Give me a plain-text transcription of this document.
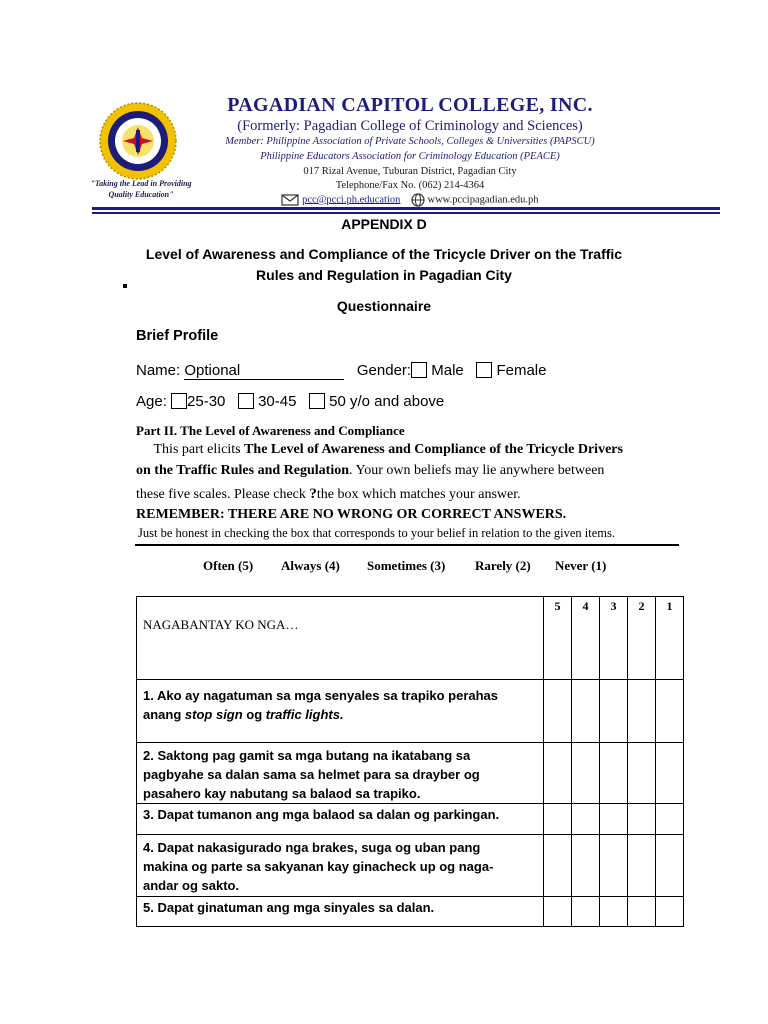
"Taking the Lead in Providing
Quality Education"

PAGADIAN CAPITOL COLLEGE, INC.

(Formerly: Pagadian College of Criminology and Sciences)

Member: Philippine Association of Private Schools, Colleges & Universities (PAPSCU)

Philippine Educators Association for Criminology Education (PEACE)

017 Rizal Avenue, Tuburan District, Pagadian City

Telephone/Fax No. (062) 214-4364

pcc@pcci.ph.education	www.pccipagadian.edu.ph

APPENDIX D

Level of Awareness and Compliance of the Tricycle Driver on the Traffic

Rules and Regulation in Pagadian City

Questionnaire

Brief Profile

Name: Optional	Gender: Male Female

Age: 25-30 30-45 50 y/o and above

Part II. The Level of Awareness and Compliance

This part elicits The Level of Awareness and Compliance of the Tricycle Drivers

on the Traffic Rules and Regulation. Your own beliefs may lie anywhere between

these five scales. Please check ?the box which matches your answer.

REMEMBER: THERE ARE NO WRONG OR CORRECT ANSWERS.

Just be honest in checking the box that corresponds to your belief in relation to the given items.

Often (5) Always (4) Sometimes (3) Rarely (2) Never (1)

NAGABANTAY KO NGA…	5	4	3	2	1
1. Ako ay nagatuman sa mga senyales sa trapiko perahas
anang stop sign og traffic lights.					
2. Saktong pag gamit sa mga butang na ikatabang sa
pagbyahe sa dalan sama sa helmet para sa drayber og
pasahero kay nabutang sa balaod sa trapiko.					
3. Dapat tumanon ang mga balaod sa dalan og parkingan.					
4. Dapat nakasigurado nga brakes, suga og uban pang
makina og parte sa sakyanan kay ginacheck up og naga-
andar og sakto.					
5. Dapat ginatuman ang mga sinyales sa dalan.					
